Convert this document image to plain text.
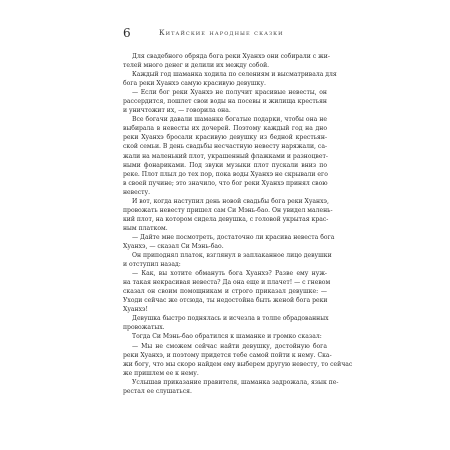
6	Китайские народные сказки
Для свадебного обряда бога реки Хуанхэ они собирали с жи-
телей много денег и делили их между собой.
Каждый год шаманка ходила по селениям и высматривала для
бога реки Хуанхэ самую красивую девушку.
— Если бог реки Хуанхэ не получит красивые невесты, он
рассердится, пошлет свои воды на посевы и жилища крестьян
и уничтожит их, — говорила она.
Все богачи давали шаманке богатые подарки, чтобы она не
выбирала в невесты их дочерей. Поэтому каждый год на дно
реки Хуанхэ бросали красивую девушку из бедной крестьян-
ской семьи. В день свадьбы несчастную невесту наряжали, са-
жали на маленький плот, украшенный флажками и разноцвет-
ными фонариками. Под звуки музыки плот пускали вниз по
реке. Плот плыл до тех пор, пока воды Хуанхэ не скрывали его
в своей пучине; это значило, что бог реки Хуанхэ принял свою
невесту.
И вот, когда наступил день новой свадьбы бога реки Хуанхэ,
провожать невесту пришел сам Си Мэнь-бао. Он увидел малень-
кий плот, на котором сидела девушка, с головой укрытая крас-
ным платком.
— Дайте мне посмотреть, достаточно ли красива невеста бога
Хуанхэ, — сказал Си Мэнь-бао.
Он приподнял платок, взглянул в заплаканное лицо девушки
и отступил назад:
— Как, вы хотите обмануть бога Хуанхэ? Разве ему нуж-
на такая некрасивая невеста? Да она еще и плачет! — с гневом
сказал он своим помощникам и строго приказал девушке: —
Уходи сейчас же отсюда, ты недостойна быть женой бога реки
Хуанхэ!
Девушка быстро поднялась и исчезла в толпе обрадованных
провожатых.
Тогда Си Мэнь-бао обратился к шаманке и громко сказал:
— Мы не сможем сейчас найти девушку, достойную бога
реки Хуанхэ, и поэтому придется тебе самой пойти к нему. Ска-
жи богу, что мы скоро найдем ему выберем другую невесту, то сейчас
же пришлем ее к нему.
Услышав приказание правителя, шаманка задрожала, язык пе-
рестал ее слушаться.
